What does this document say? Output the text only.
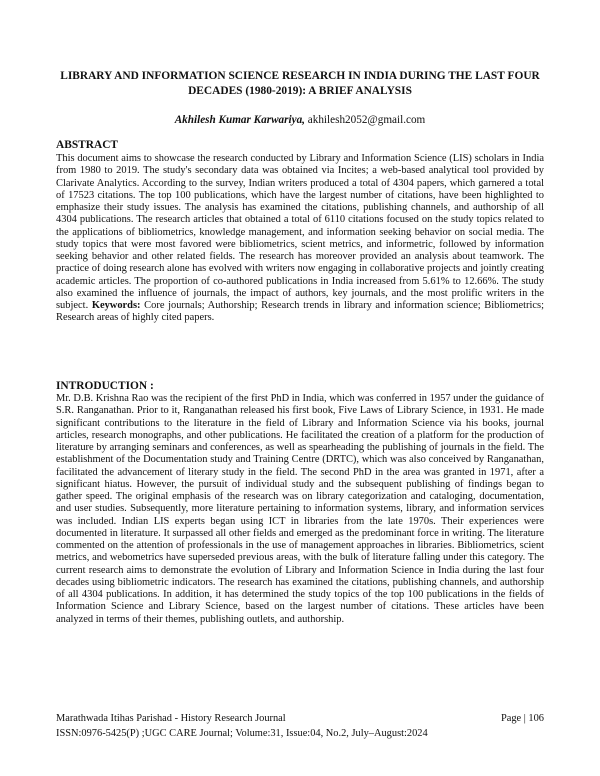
LIBRARY AND INFORMATION SCIENCE RESEARCH IN INDIA DURING THE LAST FOUR DECADES (1980-2019): A BRIEF ANALYSIS
Akhilesh Kumar Karwariya, akhilesh2052@gmail.com
ABSTRACT
This document aims to showcase the research conducted by Library and Information Science (LIS) scholars in India from 1980 to 2019. The study's secondary data was obtained via Incites; a web-based analytical tool provided by Clarivate Analytics. According to the survey, Indian writers produced a total of 4304 papers, which garnered a total of 17523 citations. The top 100 publications, which have the largest number of citations, have been highlighted to emphasize their study issues. The analysis has examined the citations, publishing channels, and authorship of all 4304 publications. The research articles that obtained a total of 6110 citations focused on the study topics related to the applications of bibliometrics, knowledge management, and information seeking behavior on social media. The study topics that were most favored were bibliometrics, scient metrics, and informetric, followed by information seeking behavior and other related fields. The research has moreover provided an analysis about teamwork. The practice of doing research alone has evolved with writers now engaging in collaborative projects and jointly creating academic articles. The proportion of co-authored publications in India increased from 5.61% to 12.66%. The study also examined the influence of journals, the impact of authors, key journals, and the most prolific writers in the subject. Keywords: Core journals; Authorship; Research trends in library and information science; Bibliometrics; Research areas of highly cited papers.
INTRODUCTION :
Mr. D.B. Krishna Rao was the recipient of the first PhD in India, which was conferred in 1957 under the guidance of S.R. Ranganathan. Prior to it, Ranganathan released his first book, Five Laws of Library Science, in 1931. He made significant contributions to the literature in the field of Library and Information Science via his books, journal articles, research monographs, and other publications. He facilitated the creation of a platform for the production of literature by arranging seminars and conferences, as well as spearheading the publishing of journals in the field. The establishment of the Documentation study and Training Centre (DRTC), which was also conceived by Ranganathan, facilitated the advancement of literary study in the field. The second PhD in the area was granted in 1971, after a significant hiatus. However, the pursuit of individual study and the subsequent publishing of findings began to gather speed. The original emphasis of the research was on library categorization and cataloging, documentation, and user studies. Subsequently, more literature pertaining to information systems, library, and information services was included. Indian LIS experts began using ICT in libraries from the late 1970s. Their experiences were documented in literature. It surpassed all other fields and emerged as the predominant force in writing. The literature commented on the attention of professionals in the use of management approaches in libraries. Bibliometrics, scient metrics, and webometrics have superseded previous areas, with the bulk of literature falling under this category. The current research aims to demonstrate the evolution of Library and Information Science in India during the last four decades using bibliometric indicators. The research has examined the citations, publishing channels, and authorship of all 4304 publications. In addition, it has determined the study topics of the top 100 publications in the fields of Information Science and Library Science, based on the largest number of citations. These articles have been analyzed in terms of their themes, publishing outlets, and authorship.
Marathwada Itihas Parishad - History Research Journal	Page | 106
ISSN:0976-5425(P) ;UGC CARE Journal; Volume:31, Issue:04, No.2, July–August:2024
